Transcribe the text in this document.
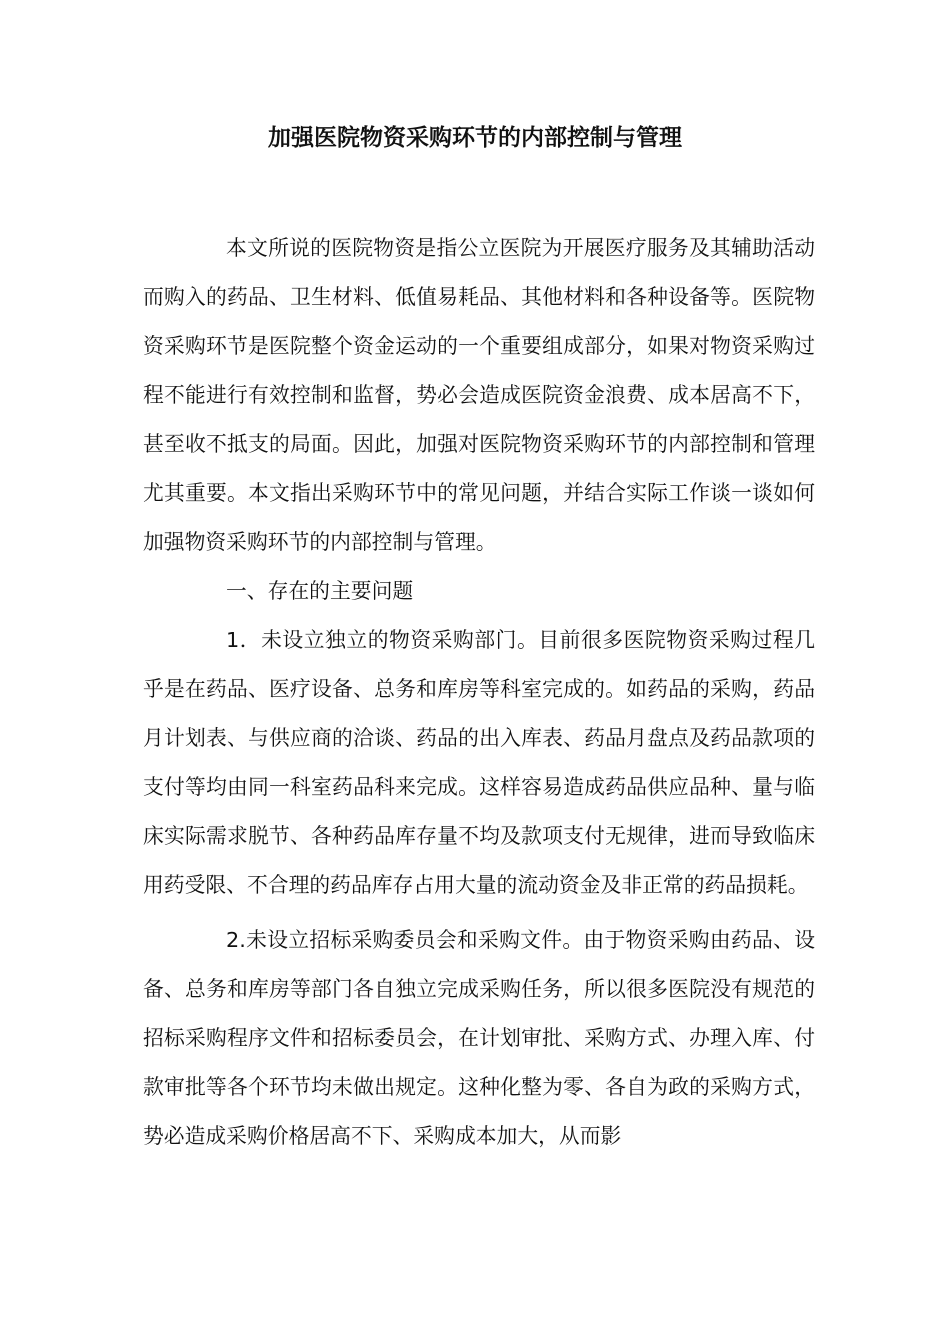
加强医院物资采购环节的内部控制与管理

本文所说的医院物资是指公立医院为开展医疗服务及其辅助活动而购入的药品、卫生材料、低值易耗品、其他材料和各种设备等。医院物资采购环节是医院整个资金运动的一个重要组成部分，如果对物资采购过程不能进行有效控制和监督，势必会造成医院资金浪费、成本居高不下，甚至收不抵支的局面。因此，加强对医院物资采购环节的内部控制和管理尤其重要。本文指出采购环节中的常见问题，并结合实际工作谈一谈如何加强物资采购环节的内部控制与管理。

一、存在的主要问题

1．未设立独立的物资采购部门。目前很多医院物资采购过程几乎是在药品、医疗设备、总务和库房等科室完成的。如药品的采购，药品月计划表、与供应商的洽谈、药品的出入库表、药品月盘点及药品款项的支付等均由同一科室药品科来完成。这样容易造成药品供应品种、量与临床实际需求脱节、各种药品库存量不均及款项支付无规律，进而导致临床用药受限、不合理的药品库存占用大量的流动资金及非正常的药品损耗。

2.未设立招标采购委员会和采购文件。由于物资采购由药品、设备、总务和库房等部门各自独立完成采购任务，所以很多医院没有规范的招标采购程序文件和招标委员会，在计划审批、采购方式、办理入库、付款审批等各个环节均未做出规定。这种化整为零、各自为政的采购方式，势必造成采购价格居高不下、采购成本加大，从而影
